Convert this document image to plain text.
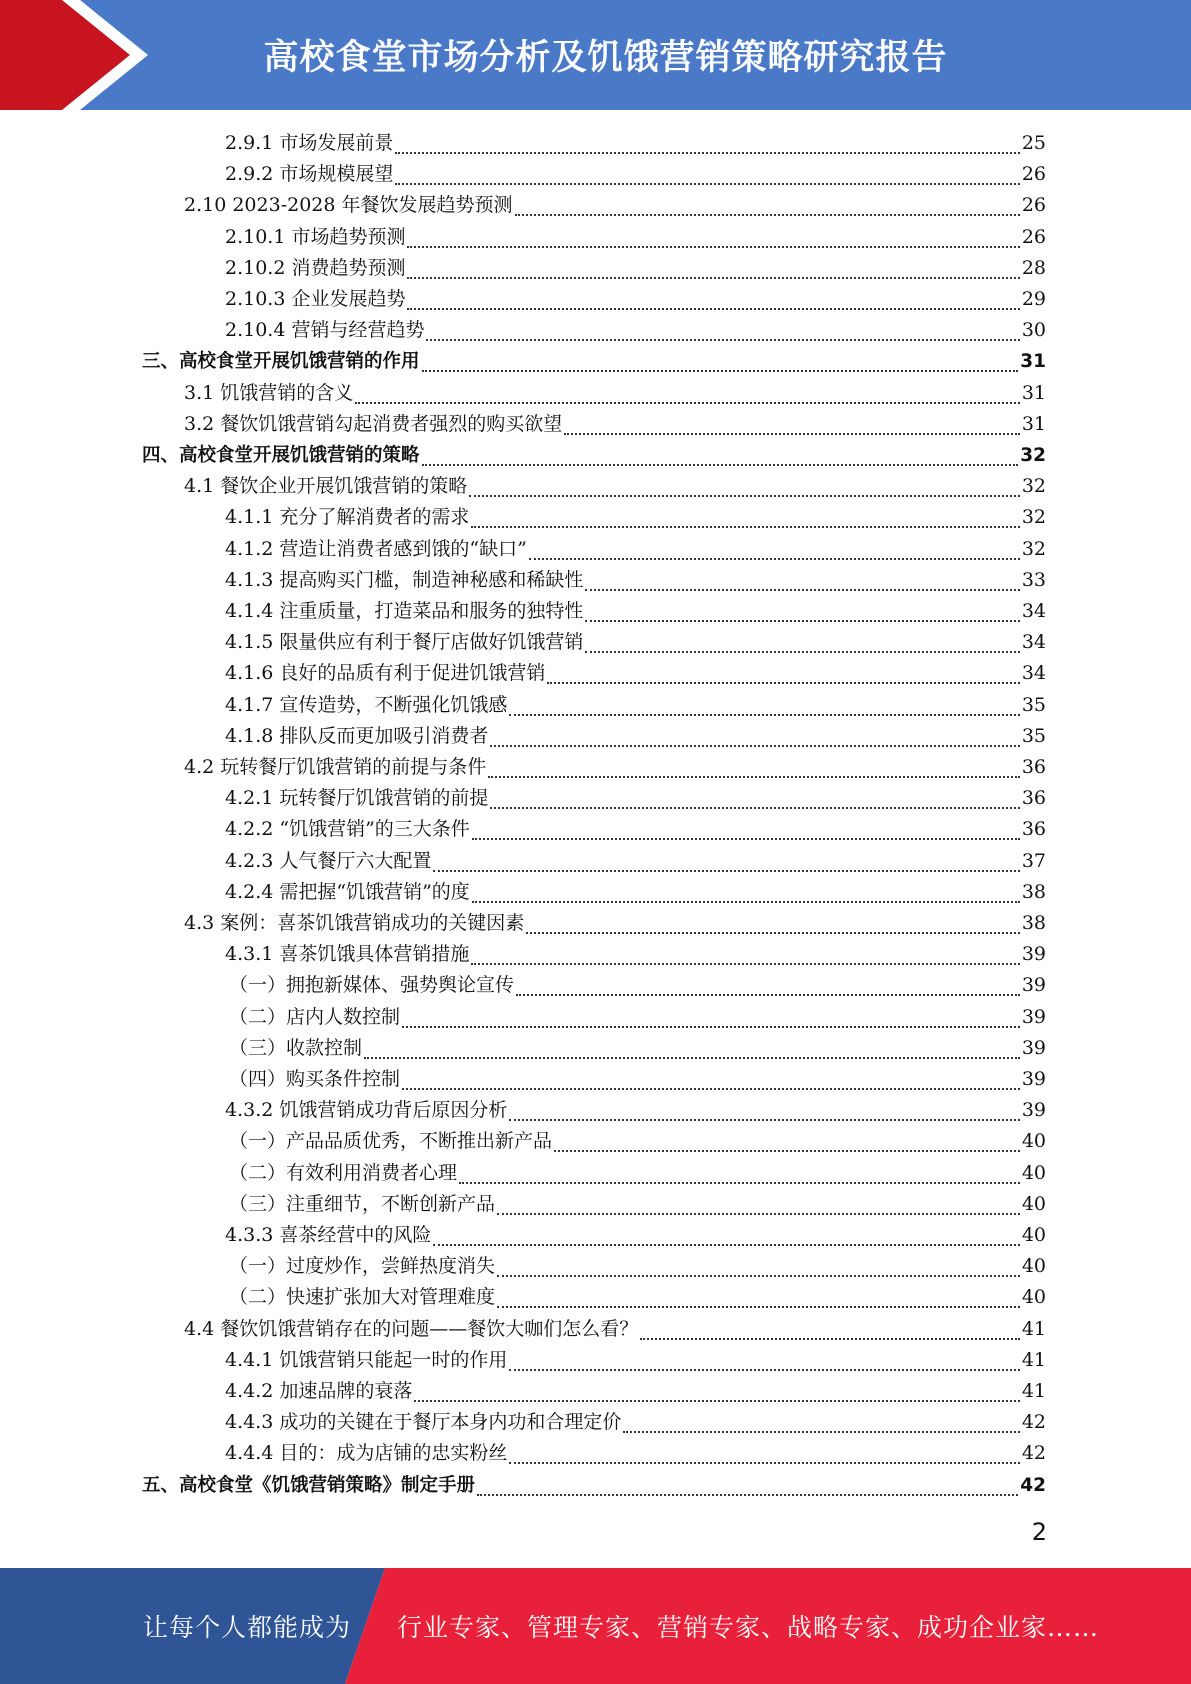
高校食堂市场分析及饥饿营销策略研究报告
2.9.1 市场发展前景	25
2.9.2 市场规模展望	26
2.10 2023-2028 年餐饮发展趋势预测	26
2.10.1 市场趋势预测	26
2.10.2 消费趋势预测	28
2.10.3 企业发展趋势	29
2.10.4 营销与经营趋势	30
三、高校食堂开展饥饿营销的作用	31
3.1 饥饿营销的含义	31
3.2 餐饮饥饿营销勾起消费者强烈的购买欲望	31
四、高校食堂开展饥饿营销的策略	32
4.1 餐饮企业开展饥饿营销的策略	32
4.1.1 充分了解消费者的需求	32
4.1.2 营造让消费者感到饿的“缺口”	32
4.1.3 提高购买门槛，制造神秘感和稀缺性	33
4.1.4 注重质量，打造菜品和服务的独特性	34
4.1.5 限量供应有利于餐厅店做好饥饿营销	34
4.1.6 良好的品质有利于促进饥饿营销	34
4.1.7 宣传造势，不断强化饥饿感	35
4.1.8 排队反而更加吸引消费者	35
4.2 玩转餐厅饥饿营销的前提与条件	36
4.2.1 玩转餐厅饥饿营销的前提	36
4.2.2 “饥饿营销”的三大条件	36
4.2.3 人气餐厅六大配置	37
4.2.4 需把握“饥饿营销”的度	38
4.3 案例：喜茶饥饿营销成功的关键因素	38
4.3.1 喜茶饥饿具体营销措施	39
（一）拥抱新媒体、强势舆论宣传	39
（二）店内人数控制	39
（三）收款控制	39
（四）购买条件控制	39
4.3.2 饥饿营销成功背后原因分析	39
（一）产品品质优秀，不断推出新产品	40
（二）有效利用消费者心理	40
（三）注重细节，不断创新产品	40
4.3.3 喜茶经营中的风险	40
（一）过度炒作，尝鲜热度消失	40
（二）快速扩张加大对管理难度	40
4.4 餐饮饥饿营销存在的问题——餐饮大咖们怎么看？	41
4.4.1 饥饿营销只能起一时的作用	41
4.4.2 加速品牌的衰落	41
4.4.3 成功的关键在于餐厅本身内功和合理定价	42
4.4.4 目的：成为店铺的忠实粉丝	42
五、高校食堂《饥饿营销策略》制定手册	42
2
让每个人都能成为 行业专家、管理专家、营销专家、战略专家、成功企业家……
